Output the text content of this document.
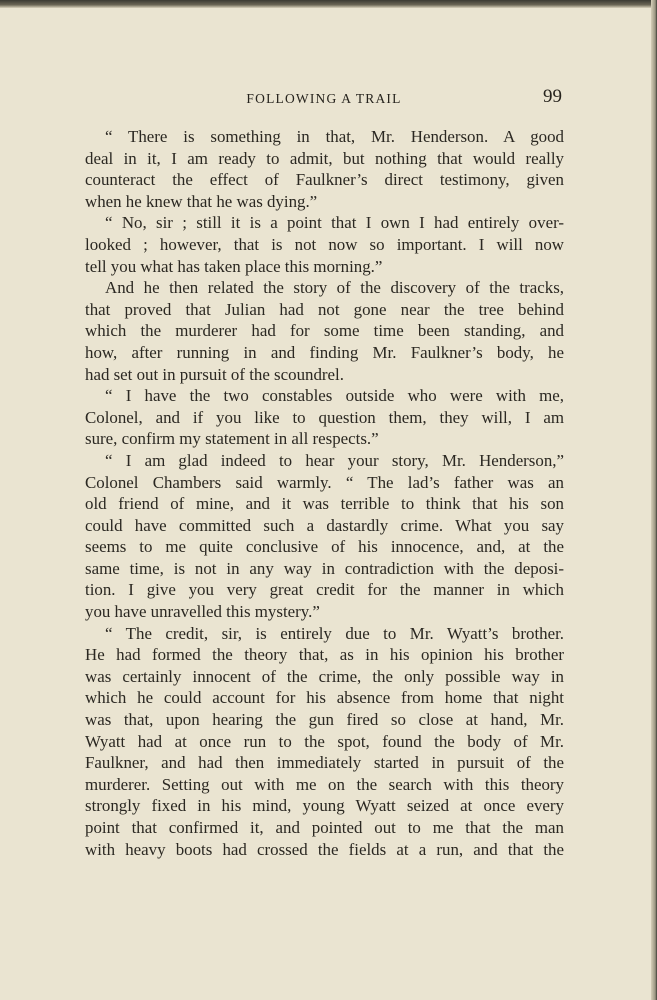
FOLLOWING A TRAIL	99
“ There is something in that, Mr. Henderson. A good
deal in it, I am ready to admit, but nothing that would really
counteract the effect of Faulkner’s direct testimony, given
when he knew that he was dying.”
“ No, sir ; still it is a point that I own I had entirely over-
looked ; however, that is not now so important. I will now
tell you what has taken place this morning.”
And he then related the story of the discovery of the tracks,
that proved that Julian had not gone near the tree behind
which the murderer had for some time been standing, and
how, after running in and finding Mr. Faulkner’s body, he
had set out in pursuit of the scoundrel.
“ I have the two constables outside who were with me,
Colonel, and if you like to question them, they will, I am
sure, confirm my statement in all respects.”
“ I am glad indeed to hear your story, Mr. Henderson,”
Colonel Chambers said warmly. “ The lad’s father was an
old friend of mine, and it was terrible to think that his son
could have committed such a dastardly crime. What you say
seems to me quite conclusive of his innocence, and, at the
same time, is not in any way in contradiction with the deposi-
tion. I give you very great credit for the manner in which
you have unravelled this mystery.”
“ The credit, sir, is entirely due to Mr. Wyatt’s brother.
He had formed the theory that, as in his opinion his brother
was certainly innocent of the crime, the only possible way in
which he could account for his absence from home that night
was that, upon hearing the gun fired so close at hand, Mr.
Wyatt had at once run to the spot, found the body of Mr.
Faulkner, and had then immediately started in pursuit of the
murderer. Setting out with me on the search with this theory
strongly fixed in his mind, young Wyatt seized at once every
point that confirmed it, and pointed out to me that the man
with heavy boots had crossed the fields at a run, and that the
